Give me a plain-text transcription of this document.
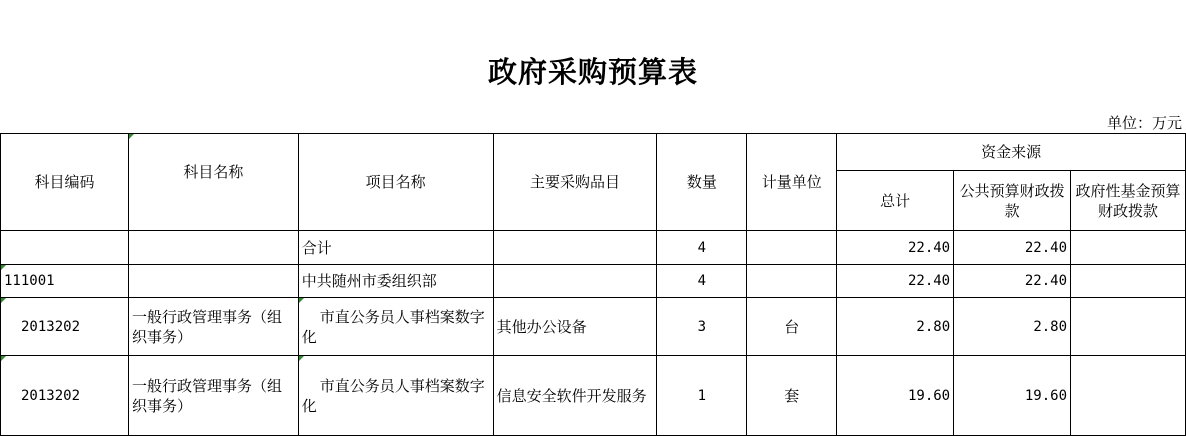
政府采购预算表
单位：万元
科目编码	科目名称	项目名称	主要采购品目	数量	计量单位	资金来源		
						总计	公共预算财政拨款	政府性基金预算财政拨款
		合计		4		22.40	22.40	
111001		中共随州市委组织部		4		22.40	22.40	
2013202	一般行政管理事务（组织事务）	市直公务员人事档案数字化	其他办公设备	3	台	2.80	2.80	
2013202	一般行政管理事务（组织事务）	市直公务员人事档案数字化	信息安全软件开发服务	1	套	19.60	19.60	
